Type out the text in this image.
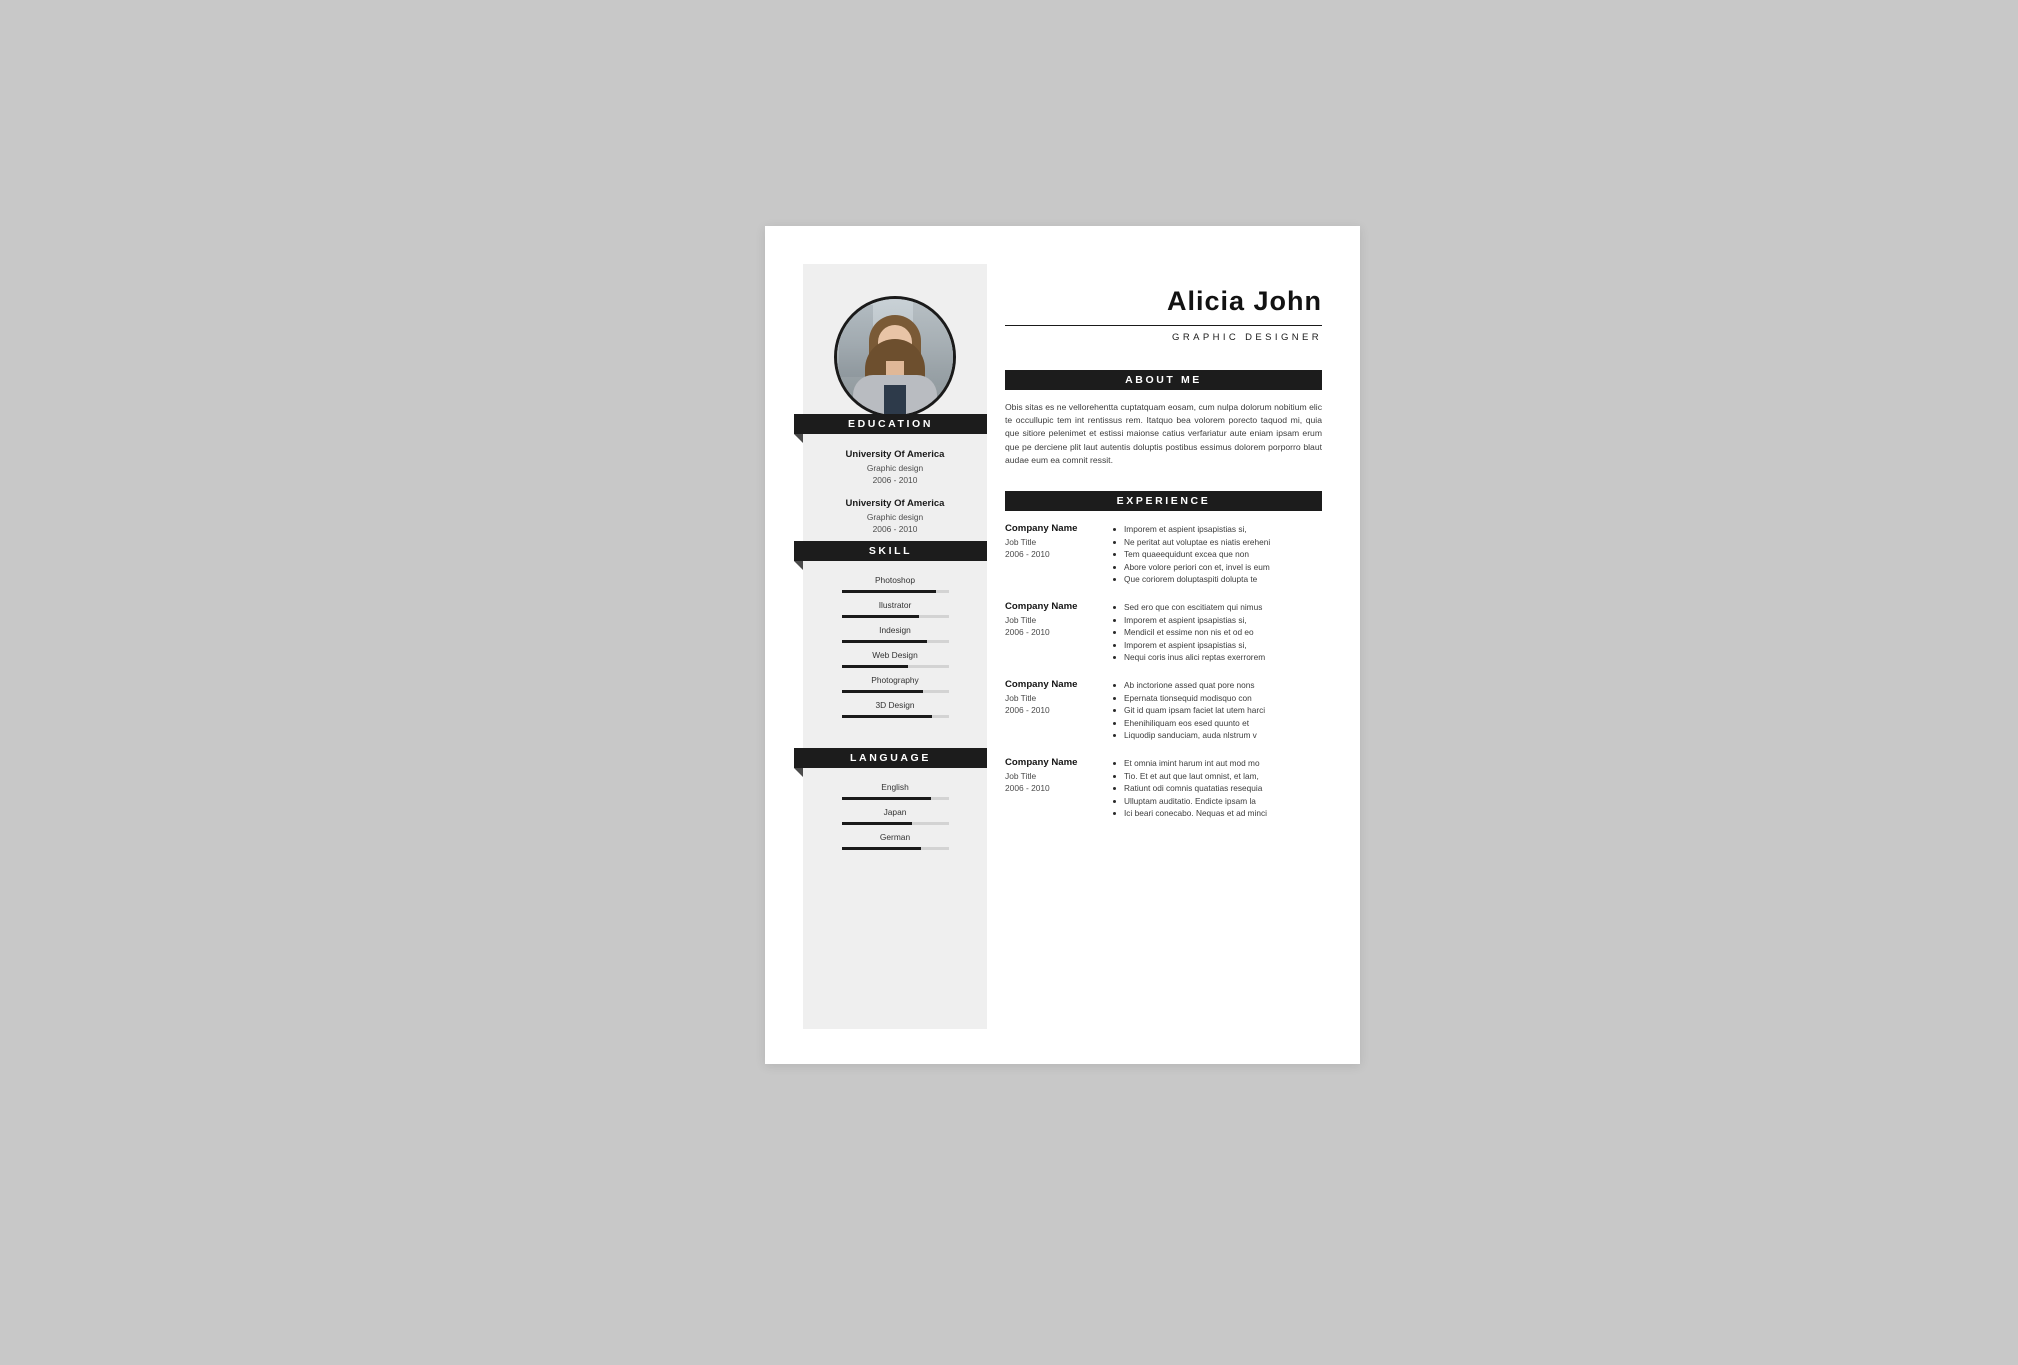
EDUCATION
University Of America
Graphic design
2006 - 2010
University Of America
Graphic design
2006 - 2010
SKILL
Photoshop
Ilustrator
Indesign
Web Design
Photography
3D Design
LANGUAGE
English
Japan
German
Alicia John
GRAPHIC DESIGNER
ABOUT ME
Obis sitas es ne vellorehentta cuptatquam eosam, cum nulpa dolorum nobitium elic te occullupic tem int rentissus rem. Itatquo bea volorem porecto taquod mi, quia que sitiore pelenimet et estissi maionse catius verfariatur aute eniam ipsam erum que pe derciene plit laut autentis doluptis postibus essimus dolorem porporro blaut audae eum ea comnit ressit.
EXPERIENCE
Company Name
Job Title
2006 - 2010
Imporem et aspient ipsapistias si,
Ne peritat aut voluptae es niatis ereheni
Tem quaeequidunt excea que non
Abore volore periori con et, invel is eum
Que coriorem doluptaspiti dolupta te
Company Name
Job Title
2006 - 2010
Sed ero que con escitiatem qui nimus
Imporem et aspient ipsapistias si,
Mendicil et essime non nis et od eo
Imporem et aspient ipsapistias si,
Nequi coris inus alici reptas exerrorem
Company Name
Job Title
2006 - 2010
Ab inctorione assed quat pore nons
Epernata tionsequid modisquo con
Git id quam ipsam faciet lat utem harci
Ehenihiliquam eos esed quunto et
Liquodip sanduciam, auda nlstrum v
Company Name
Job Title
2006 - 2010
Et omnia imint harum int aut mod mo
Tio. Et et aut que laut omnist, et lam,
Ratiunt odi comnis quatatias resequia
Ulluptam auditatio. Endicte ipsam la
Ici beari conecabo. Nequas et ad minci
